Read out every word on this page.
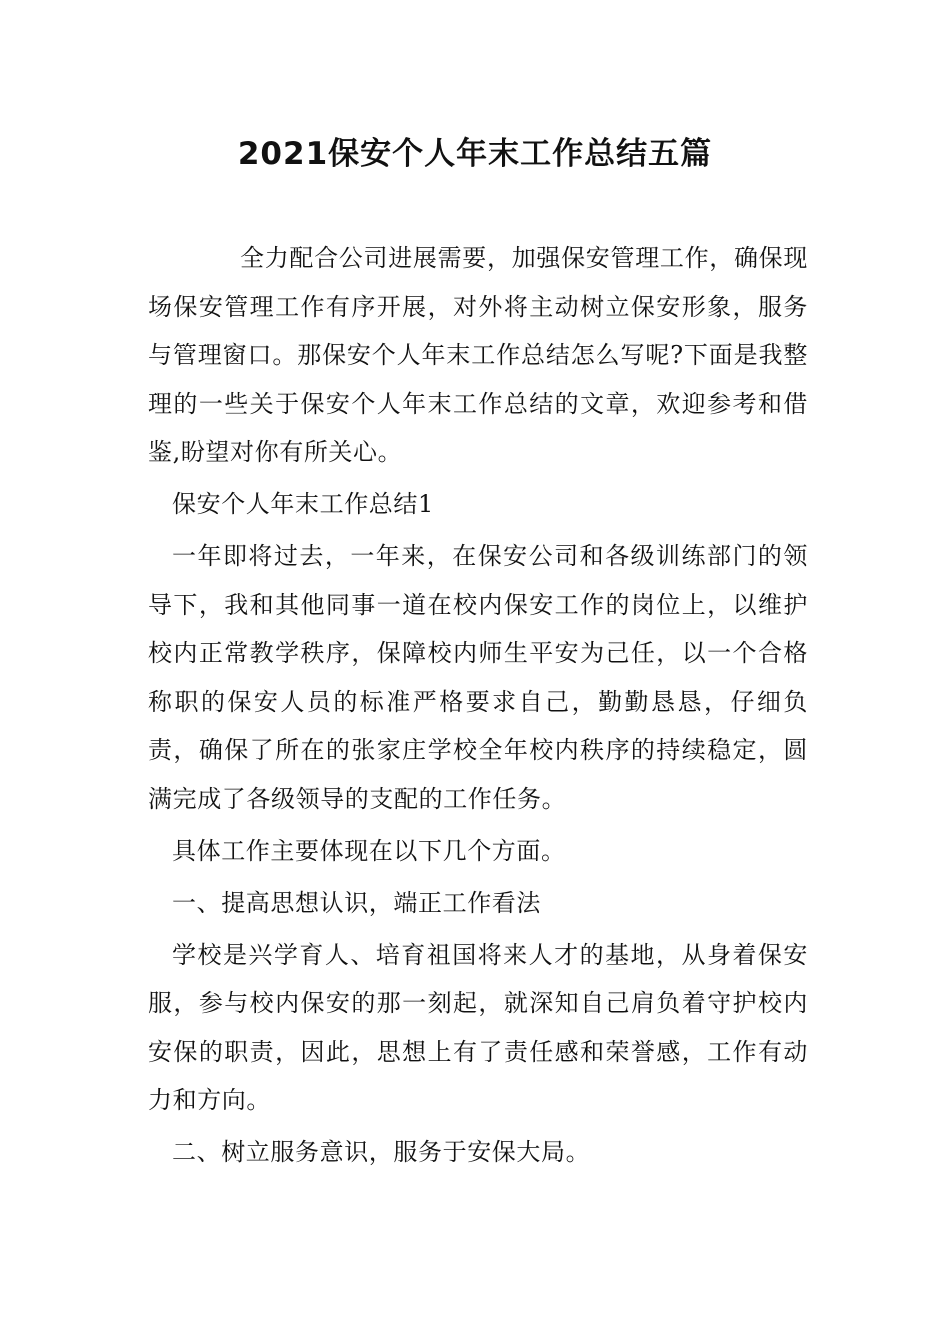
2021保安个人年末工作总结五篇

全力配合公司进展需要，加强保安管理工作，确保现场保安管理工作有序开展，对外将主动树立保安形象，服务与管理窗口。那保安个人年末工作总结怎么写呢?下面是我整理的一些关于保安个人年末工作总结的文章，欢迎参考和借鉴,盼望对你有所关心。

保安个人年末工作总结1

一年即将过去，一年来，在保安公司和各级训练部门的领导下，我和其他同事一道在校内保安工作的岗位上，以维护校内正常教学秩序，保障校内师生平安为己任，以一个合格称职的保安人员的标准严格要求自己，勤勤恳恳，仔细负责，确保了所在的张家庄学校全年校内秩序的持续稳定，圆满完成了各级领导的支配的工作任务。

具体工作主要体现在以下几个方面。

一、提高思想认识，端正工作看法

学校是兴学育人、培育祖国将来人才的基地，从身着保安服，参与校内保安的那一刻起，就深知自己肩负着守护校内安保的职责，因此，思想上有了责任感和荣誉感，工作有动力和方向。

二、树立服务意识，服务于安保大局。
